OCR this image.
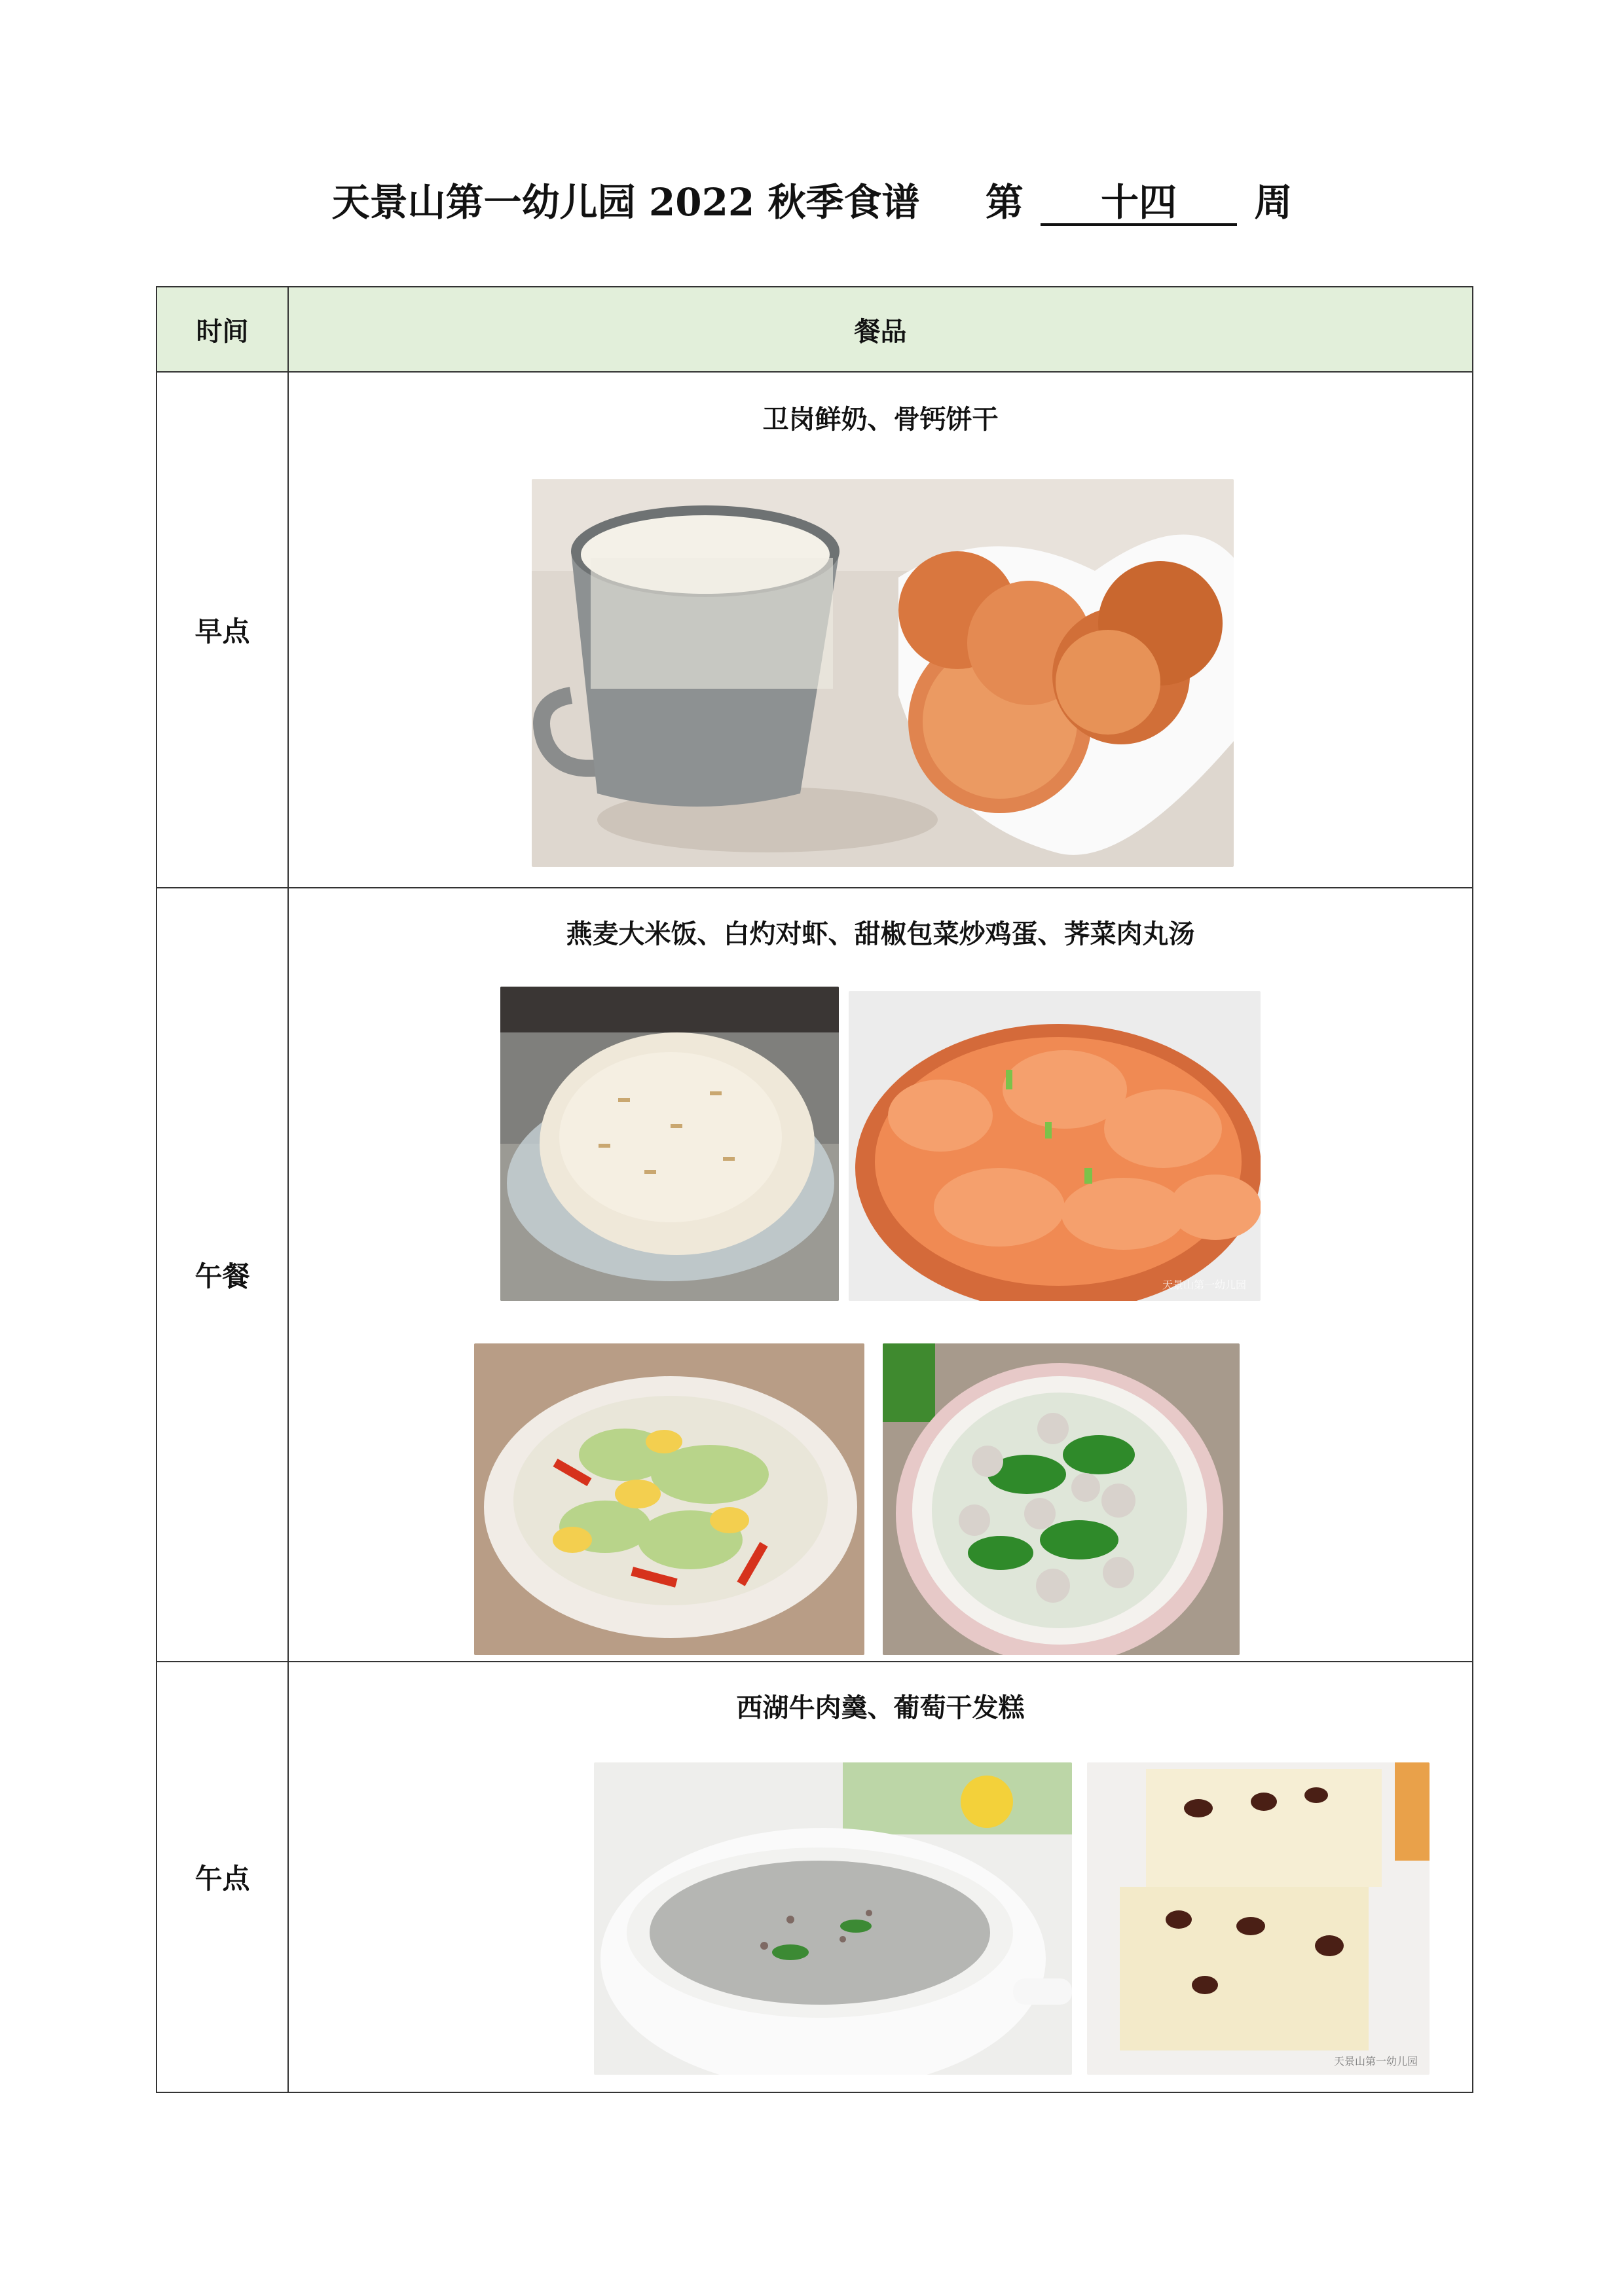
天景山第一幼儿园 2022 秋季食谱 第 十四 周
时间	餐品
早点	卫岗鲜奶、骨钙饼干

午餐	燕麦大米饭、白灼对虾、甜椒包菜炒鸡蛋、荠菜肉丸汤
天景山第一幼儿园

午点	西湖牛肉羹、葡萄干发糕
天景山第一幼儿园
